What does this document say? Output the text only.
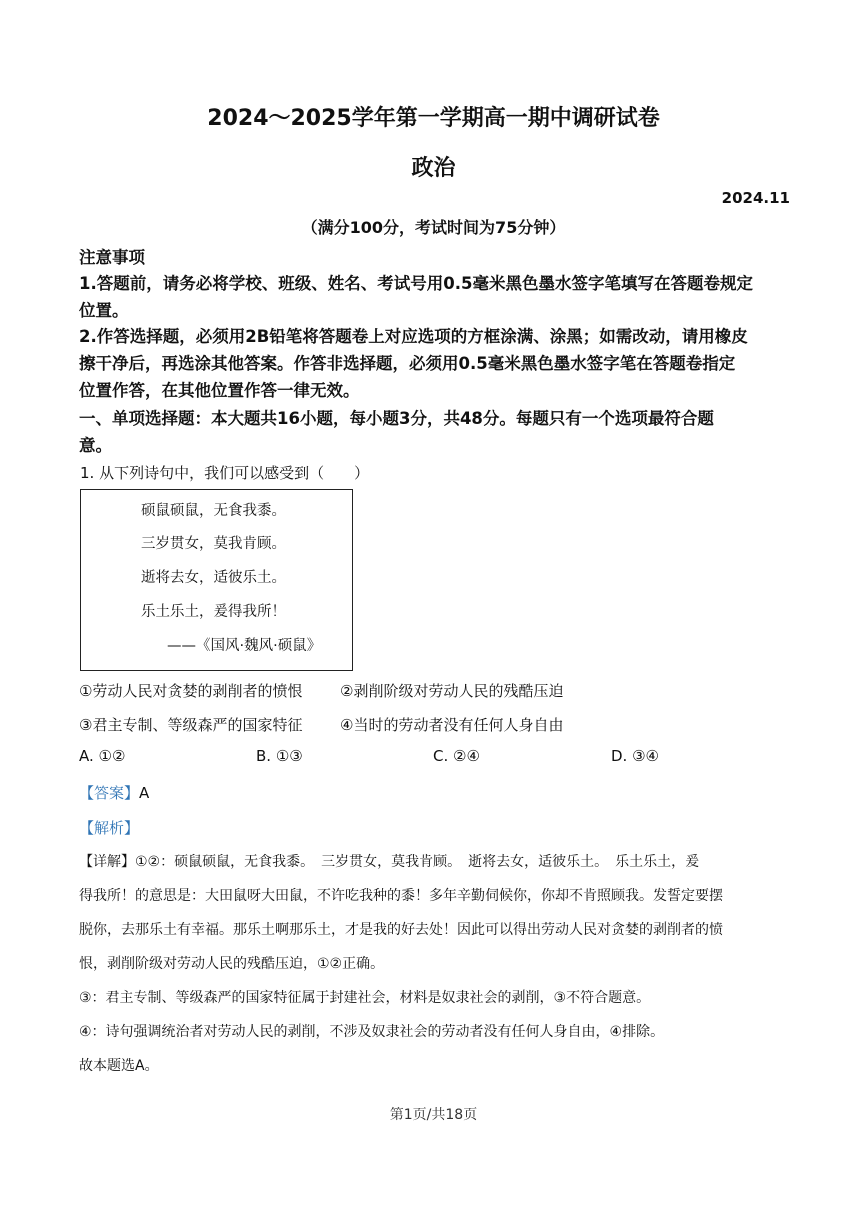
2024～2025学年第一学期高一期中调研试卷
政治
2024.11
（满分100分，考试时间为75分钟）
注意事项
1.答题前，请务必将学校、班级、姓名、考试号用0.5毫米黑色墨水签字笔填写在答题卷规定
位置。
2.作答选择题，必须用2B铅笔将答题卷上对应选项的方框涂满、涂黑；如需改动，请用橡皮
擦干净后，再选涂其他答案。作答非选择题，必须用0.5毫米黑色墨水签字笔在答题卷指定
位置作答，在其他位置作答一律无效。
一、单项选择题：本大题共16小题，每小题3分，共48分。每题只有一个选项最符合题
意。
1. 从下列诗句中，我们可以感受到（　　）
硕鼠硕鼠，无食我黍。
三岁贯女，莫我肯顾。
逝将去女，适彼乐土。
乐土乐土，爰得我所！
——《国风·魏风·硕鼠》
①劳动人民对贪婪的剥削者的愤恨	②剥削阶级对劳动人民的残酷压迫
③君主专制、等级森严的国家特征	④当时的劳动者没有任何人身自由
A. ①②	B. ①③	C. ②④	D. ③④
【答案】A
【解析】
【详解】①②：硕鼠硕鼠，无食我黍。　三岁贯女，莫我肯顾。　逝将去女，适彼乐土。　乐土乐土，爰
得我所！的意思是：大田鼠呀大田鼠，不许吃我种的黍！多年辛勤伺候你，你却不肯照顾我。发誓定要摆
脱你，去那乐土有幸福。那乐土啊那乐土，才是我的好去处！因此可以得出劳动人民对贪婪的剥削者的愤
恨，剥削阶级对劳动人民的残酷压迫，①②正确。
③：君主专制、等级森严的国家特征属于封建社会，材料是奴隶社会的剥削，③不符合题意。
④：诗句强调统治者对劳动人民的剥削，不涉及奴隶社会的劳动者没有任何人身自由，④排除。
故本题选A。
第1页/共18页
